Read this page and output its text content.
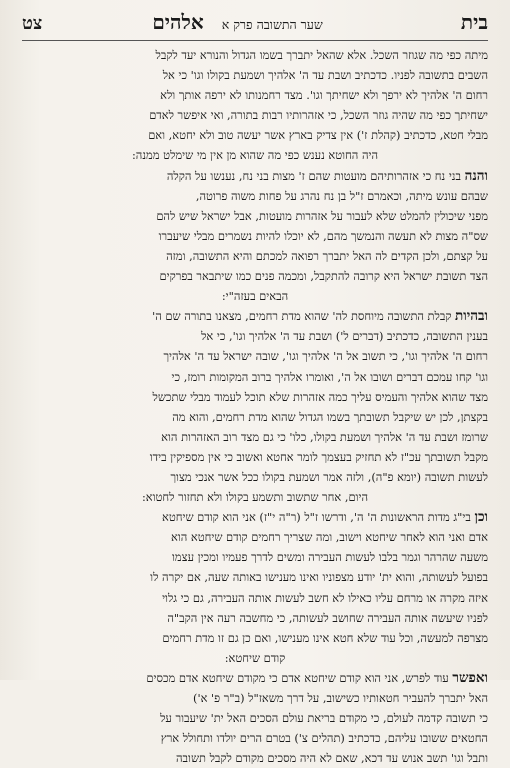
בית
שער התשובה פרק א
אלהים
צט
מיתה כפי מה שגוזר השכל. אלא שהאל יתברך בשמו הגדול והנורא יעד לקבל
השבים בתשובה לפניו. כדכתיב ושבת עד ה' אלהיך ושמעת בקולו וגו' כי אל
רחום ה' אלהיך לא ירפך ולא ישחיתך וגו'. מצד רחמנותו לא ירפה אותך ולא
ישחיתך כפי מה שהיה גוזר השכל, כי אזהרותיו רבות בתורה, ואי איפשר לאדם
מבלי חטא, כדכתיב (קהלת ז') אין צדיק בארץ אשר יעשה טוב ולא יחטא, ואם
היה החוטא נענש כפי מה שהוא מן אין מי שימלט ממנה:
והנה בני נח כי אזהרותיהם מועטות שהם ז' מצות בני נח, נענשו על הקלה
שבהם עונש מיתה, וכאמרם ז"ל בן נח נהרג על פחות משוה פרוטה,
מפני שיכולין להמלט שלא לעבור על אזהרות מועטות, אבל ישראל שיש להם
שס"ה מצות לא תעשה והנמשך מהם, לא יוכלו להיות נשמרים מבלי שיעברו
על קצתם, ולכן הקדים לה האל יתברך רפואה למכתם והיא התשובה, ומזה
הצד תשובת ישראל היא קרובה להתקבל, ומכמה פנים כמו שיתבאר בפרקים
הבאים בעזה"י:
ובהיות קבלת התשובה מיוחסת לה' שהוא מדת רחמים, מצאנו בתורה שם ה'
בענין התשובה, כדכתיב (דברים ל') ושבת עד ה' אלהיך וגו', כי אל
רחום ה' אלהיך וגו', כי תשוב אל ה' אלהיך וגו', שובה ישראל עד ה' אלהיך
וגו' קחו עמכם דברים ושובו אל ה', ואומרו אלהיך ברוב המקומות רומז, כי
מצד שהוא אלהיך והעמיס עליך כמה אזהרות שלא תוכל לעמוד מבלי שתכשל
בקצתן, לכן יש שיקבל תשובתך בשמו הגדול שהוא מדת רחמים, והוא מה
שרומז ושבת עד ה' אלהיך ושמעת בקולו, כלו' כי גם מצד רוב האזהרות הוא
מקבל תשובתך עכ"ז לא תחזיק בעצמך לומר אחטא ואשוב כי אין מספיקין בידו
לעשות תשובה (יומא פ"ה), ולזה אמר ושמעת בקולו ככל אשר אנכי מצוך
היום, אחר שתשוב ותשמע בקולו ולא תחזור לחטוא:
וכן בי"ג מדות הראשונות ה' ה', ודרשו ז"ל (ר"ה י"ז) אני הוא קודם שיחטא
אדם ואני הוא לאחר שיחטא וישוב, ומה שצריך רחמים קודם שיחטא הוא
משעה שהרהר וגמר בלבו לעשות העבירה ומשים לדרך פעמיו ומכין עצמו
בפועל לעשותה, והוא ית' יודע מצפוניו ואינו מענישו באותה שעה, אם יקרה לו
איזה מקרה או מרחם עליו כאילו לא חשב לעשות אותה העבירה, גם כי גלוי
לפניו שיעשה אותה העבירה שחושב לעשותה, כי מחשבה רעה אין הקב"ה
מצרפה למעשה, וכל עוד שלא חטא אינו מענישו, ואם כן גם זו מדת רחמים
קודם שיחטא:
ואפשר עוד לפרש, אני הוא קודם שיחטא אדם כי מקודם שיחטא אדם מכסים
האל יתברך להעביר חטאותיו כשישוב, על דרך משאז"ל (ב"ר פ' א')
כי תשובה קדמה לעולם, כי מקודם בריאת עולם הסכים האל ית' שיעבור על
החטאים ששובו עליהם, כדכתיב (תהלים צ') בטרם הרים יולדו ותחולל ארץ
ותבל וגו' תשב אנוש עד דכא, שאם לא היה מסכים מקודם לקבל תשובה
